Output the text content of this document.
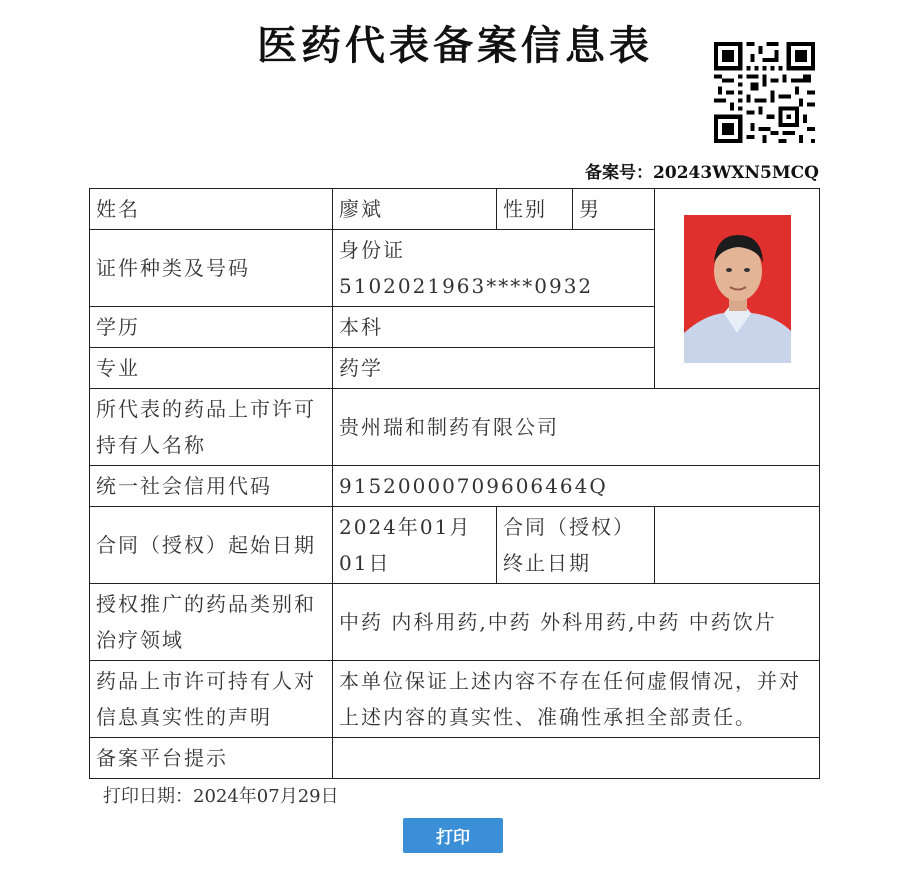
医药代表备案信息表
备案号：20243WXN5MCQ
姓名	廖斌	性别	男	

证件种类及号码	身份证 5102021963****0932			
学历	本科			
专业	药学			
所代表的药品上市许可持有人名称	贵州瑞和制药有限公司			
统一社会信用代码	91520000709606464Q			
合同（授权）起始日期	2024年01月01日	合同（授权）终止日期		
授权推广的药品类别和治疗领域	中药 内科用药,中药 外科用药,中药 中药饮片			
药品上市许可持有人对信息真实性的声明	本单位保证上述内容不存在任何虚假情况，并对上述内容的真实性、准确性承担全部责任。			
备案平台提示				
打印日期：2024年07月29日
打印
